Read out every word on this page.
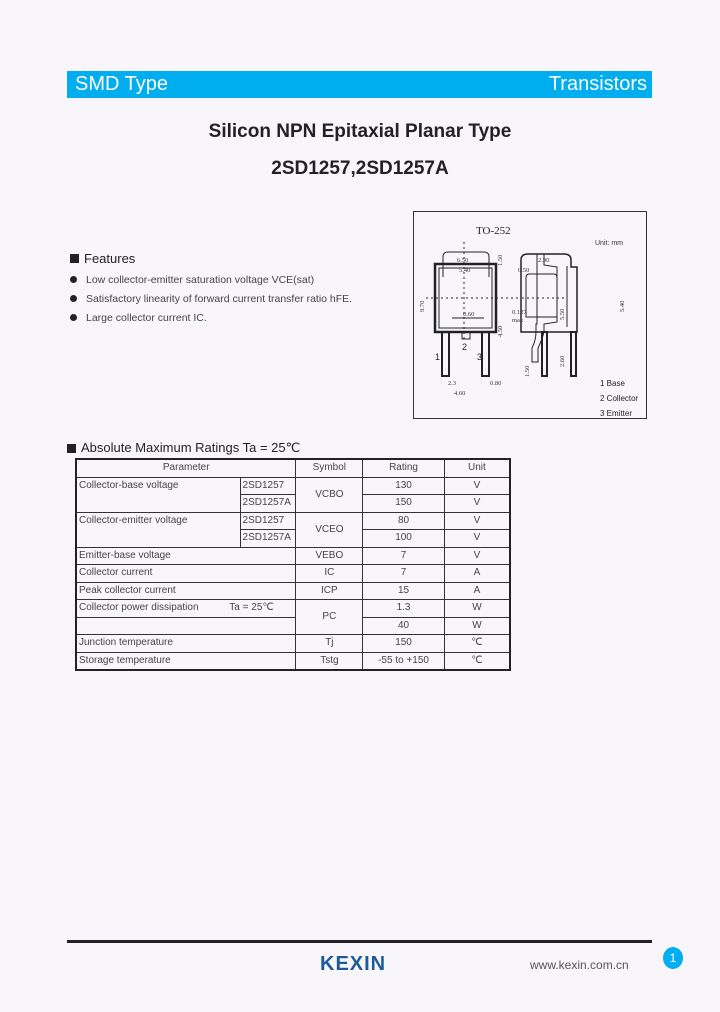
SMD Type	Transistors
Silicon NPN Epitaxial Planar Type
2SD1257,2SD1257A
Features
Low collector-emitter saturation voltage VCE(sat)
Satisfactory linearity of forward current transfer ratio hFE.
Large collector current IC.
TO-252
Unit: mm
6.50
5.40
1.50	2.30
0.50
9.70
0.127
max
5.50
2.60
1.50
4.50
0.60
2.3
4.60
0.80
5.40
1
2
3
1 Base
2 Collector
3 Emitter
Absolute Maximum Ratings Ta = 25℃
Parameter		Symbol	Rating	Unit
Collector-base voltage	2SD1257	VCBO	130	V
	2SD1257A		150	V
Collector-emitter voltage	2SD1257	VCEO	80	V
	2SD1257A		100	V
Emitter-base voltage		VEBO	7	V
Collector current		IC	7	A
Peak collector current		ICP	15	A
Collector power dissipation Ta = 25℃		PC	1.3	W
			40	W
Junction temperature		Tj	150	℃
Storage temperature		Tstg	-55 to +150	℃
KEXIN	www.kexin.com.cn	1
